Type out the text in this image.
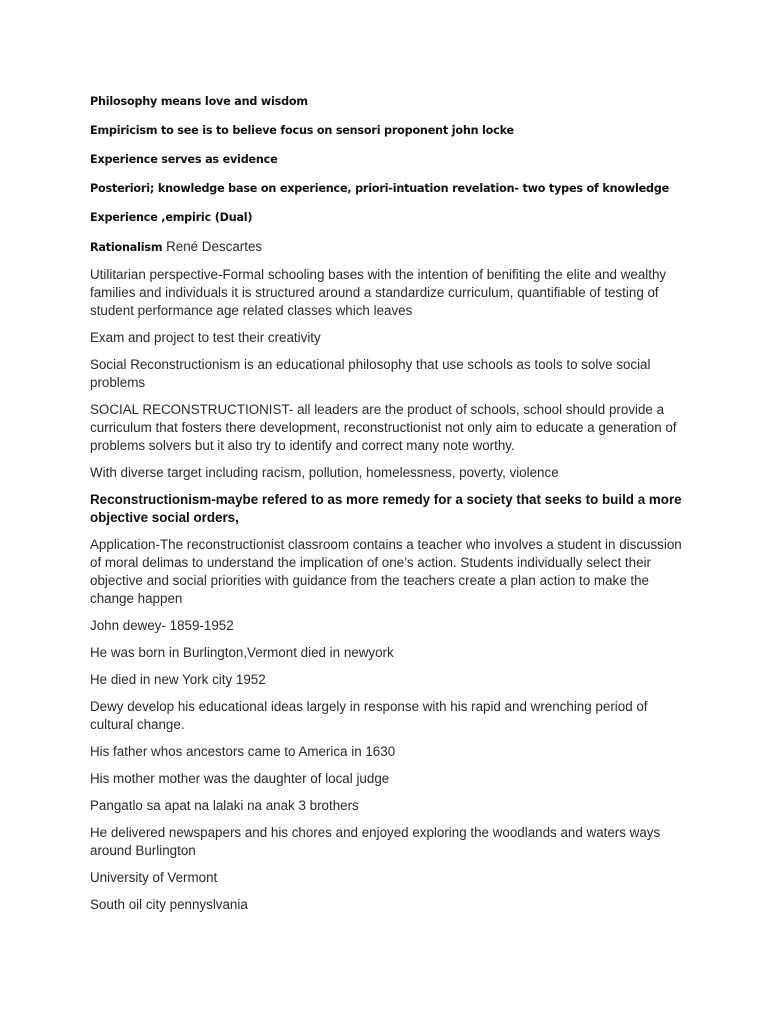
Philosophy means love and wisdom

Empiricism to see is to believe focus on sensori proponent john locke

Experience serves as evidence

Posteriori; knowledge base on experience, priori-intuation revelation- two types of knowledge

Experience ,empiric (Dual)

Rationalism René Descartes

Utilitarian perspective-Formal schooling bases with the intention of benifiting the elite and wealthy families and individuals it is structured around a standardize curriculum, quantifiable of testing of student performance age related classes which leaves

Exam and project to test their creativity

Social Reconstructionism is an educational philosophy that use schools as tools to solve social problems

SOCIAL RECONSTRUCTIONIST- all leaders are the product of schools, school should provide a curriculum that fosters there development, reconstructionist not only aim to educate a generation of problems solvers but it also try to identify and correct many note worthy.

With diverse target including racism, pollution, homelessness, poverty, violence

Reconstructionism-maybe refered to as more remedy for a society that seeks to build a more objective social orders,

Application-The reconstructionist classroom contains a teacher who involves a student in discussion of moral delimas to understand the implication of one’s action. Students individually select their objective and social priorities with guidance from the teachers create a plan action to make the change happen

John dewey- 1859-1952

He was born in Burlington,Vermont died in newyork

He died in new York city 1952

Dewy develop his educational ideas largely in response with his rapid and wrenching period of cultural change.

His father whos ancestors came to America in 1630

His mother mother was the daughter of local judge

Pangatlo sa apat na lalaki na anak 3 brothers

He delivered newspapers and his chores and enjoyed exploring the woodlands and waters ways around Burlington

University of Vermont

South oil city pennyslvania
